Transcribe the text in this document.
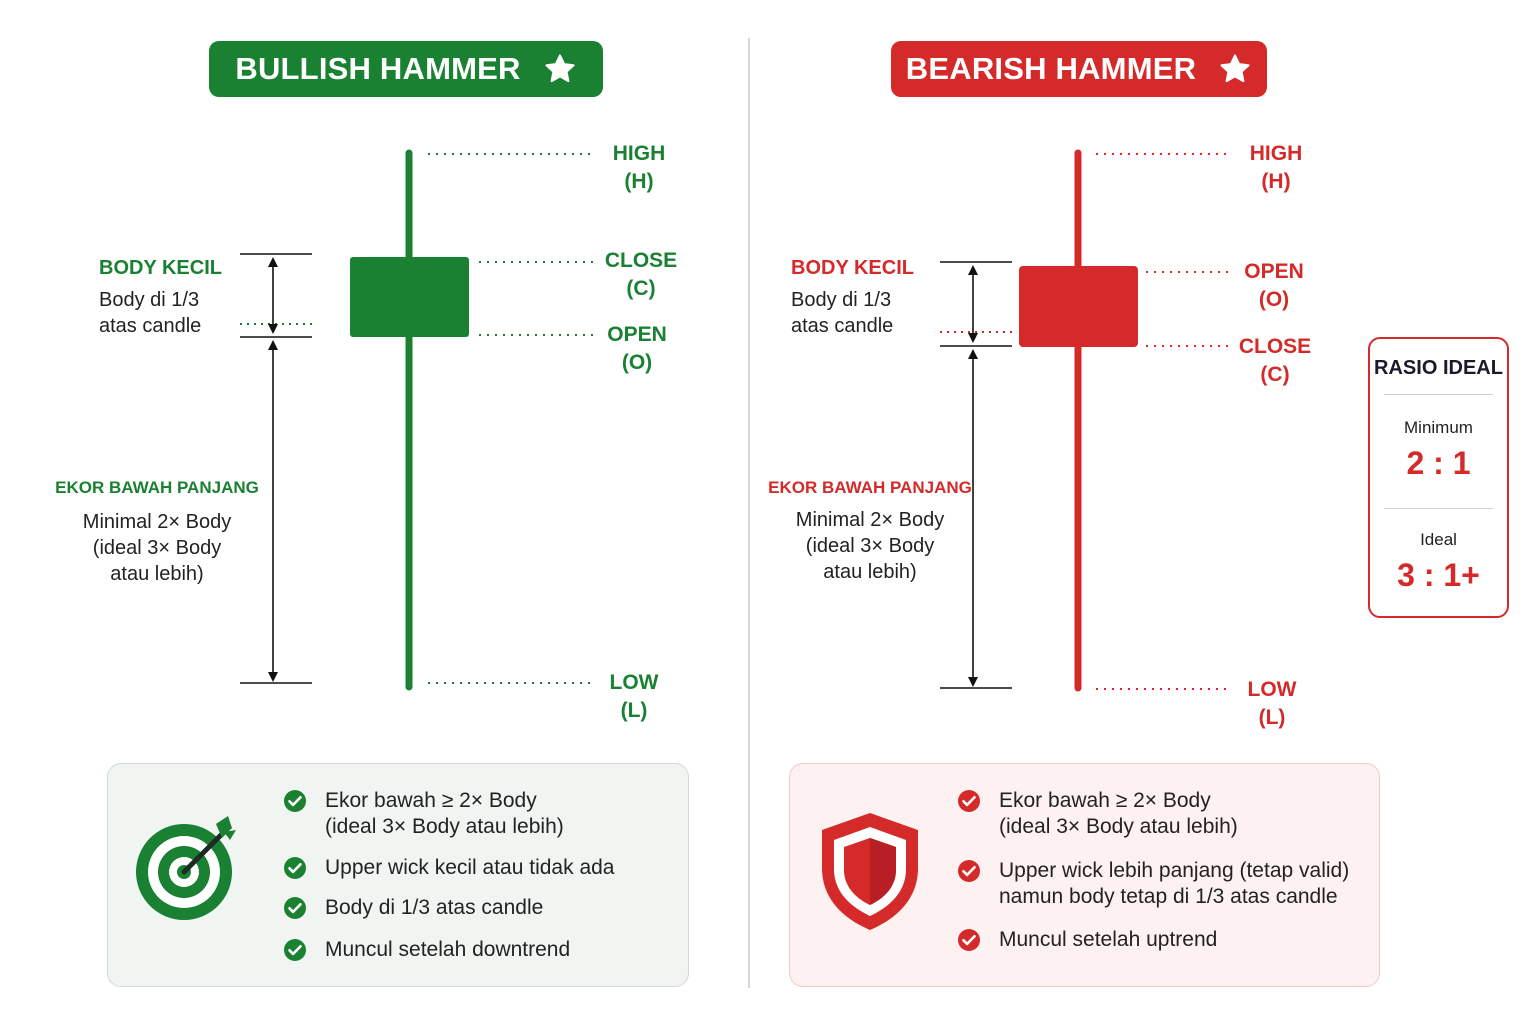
BULLISH HAMMER	BEARISH HAMMER
HIGH
(H)
CLOSE
(C)
OPEN
(O)
LOW
(L)
BODY KECIL
Body di 1/3
atas candle
EKOR BAWAH PANJANG
Minimal 2× Body
(ideal 3× Body
atau lebih)
HIGH
(H)
OPEN
(O)
CLOSE
(C)
LOW
(L)
BODY KECIL
Body di 1/3
atas candle
EKOR BAWAH PANJANG
Minimal 2× Body
(ideal 3× Body
atau lebih)
RASIO IDEAL
Minimum
2 : 1
Ideal
3 : 1+
Ekor bawah ≥ 2× Body
(ideal 3× Body atau lebih)
Upper wick kecil atau tidak ada
Body di 1/3 atas candle
Muncul setelah downtrend
Ekor bawah ≥ 2× Body
(ideal 3× Body atau lebih)
Upper wick lebih panjang (tetap valid)
namun body tetap di 1/3 atas candle
Muncul setelah uptrend
